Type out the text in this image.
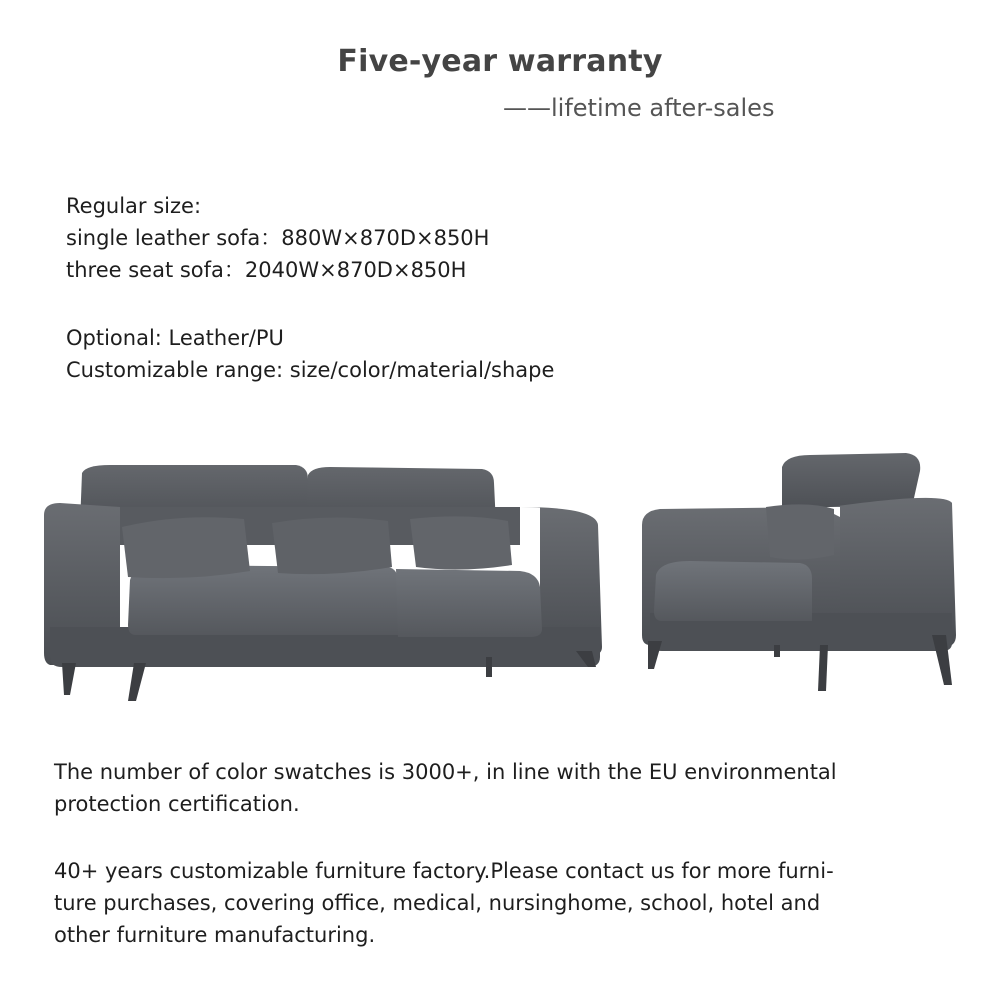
Five-year warranty
——lifetime after-sales
Regular size:
single leather sofa：880W×870D×850H
three seat sofa：2040W×870D×850H
Optional: Leather/PU
Customizable range: size/color/material/shape
The number of color swatches is 3000+, in line with the EU environmental
protection certification.
40+ years customizable furniture factory.Please contact us for more furni-
ture purchases, covering office, medical, nursinghome, school, hotel and
other furniture manufacturing.
